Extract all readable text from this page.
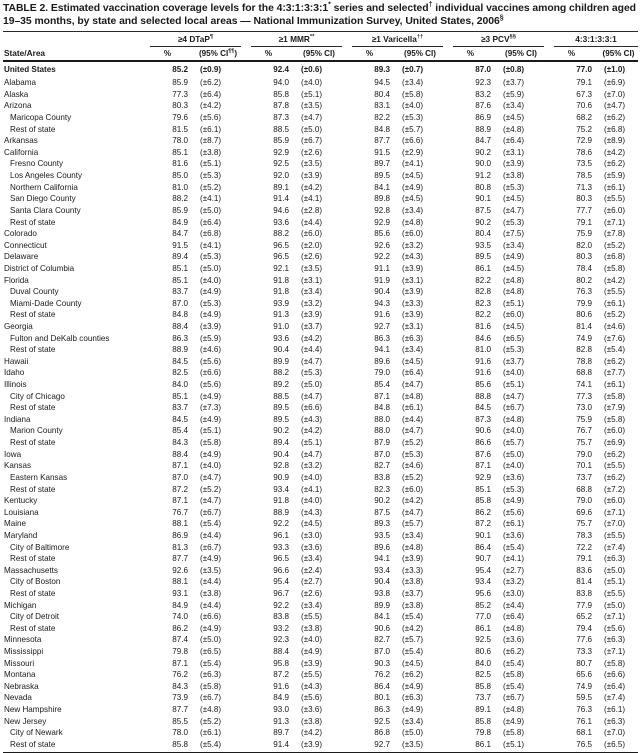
TABLE 2. Estimated vaccination coverage levels for the 4:3:1:3:3:1* series and selected† individual vaccines among children aged 19–35 months, by state and selected local areas — National Immunization Survey, United States, 2006§
≥4 DTaP¶	≥1 MMR**	≥1 Varicella††	≥3 PCV§§	4:3:1:3:3:1
State/Area	%	(95% CI¶¶)	%	(95% CI)	%	(95% CI)	%	(95% CI)	%	(95% CI)
United States	85.2	(±0.9)	92.4	(±0.6)	89.3	(±0.7)	87.0	(±0.8)	77.0	(±1.0)
Alabama	85.9	(±6.2)	94.0	(±4.0)	94.5	(±3.4)	92.3	(±3.7)	79.1	(±6.9)
Alaska	77.3	(±6.4)	85.8	(±5.1)	80.4	(±5.8)	83.2	(±5.9)	67.3	(±7.0)
Arizona	80.3	(±4.2)	87.8	(±3.5)	83.1	(±4.0)	87.6	(±3.4)	70.6	(±4.7)
Maricopa County	79.6	(±5.6)	87.3	(±4.7)	82.2	(±5.3)	86.9	(±4.5)	68.2	(±6.2)
Rest of state	81.5	(±6.1)	88.5	(±5.0)	84.8	(±5.7)	88.9	(±4.8)	75.2	(±6.8)
Arkansas	78.0	(±8.7)	85.9	(±6.7)	87.7	(±6.6)	84.7	(±6.4)	72.9	(±8.9)
California	85.1	(±3.8)	92.9	(±2.6)	91.5	(±2.9)	90.2	(±3.1)	78.6	(±4.2)
Fresno County	81.6	(±5.1)	92.5	(±3.5)	89.7	(±4.1)	90.0	(±3.9)	73.5	(±6.2)
Los Angeles County	85.0	(±5.3)	92.0	(±3.9)	89.5	(±4.5)	91.2	(±3.8)	78.5	(±5.9)
Northern California	81.0	(±5.2)	89.1	(±4.2)	84.1	(±4.9)	80.8	(±5.3)	71.3	(±6.1)
San Diego County	88.2	(±4.1)	91.4	(±4.1)	89.8	(±4.5)	90.1	(±4.5)	80.3	(±5.5)
Santa Clara County	85.9	(±5.0)	94.6	(±2.8)	92.8	(±3.4)	87.5	(±4.7)	77.7	(±6.0)
Rest of state	84.9	(±6.4)	93.6	(±4.4)	92.9	(±4.8)	90.2	(±5.3)	79.1	(±7.1)
Colorado	84.7	(±6.8)	88.2	(±6.0)	85.6	(±6.0)	80.4	(±7.5)	75.9	(±7.8)
Connecticut	91.5	(±4.1)	96.5	(±2.0)	92.6	(±3.2)	93.5	(±3.4)	82.0	(±5.2)
Delaware	89.4	(±5.3)	96.5	(±2.6)	92.2	(±4.3)	89.5	(±4.9)	80.3	(±6.8)
District of Columbia	85.1	(±5.0)	92.1	(±3.5)	91.1	(±3.9)	86.1	(±4.5)	78.4	(±5.8)
Florida	85.1	(±4.0)	91.8	(±3.1)	91.9	(±3.1)	82.2	(±4.8)	80.2	(±4.2)
Duval County	83.7	(±4.9)	91.8	(±3.4)	90.4	(±3.9)	82.8	(±4.8)	76.3	(±5.5)
Miami-Dade County	87.0	(±5.3)	93.9	(±3.2)	94.3	(±3.3)	82.3	(±5.1)	79.9	(±6.1)
Rest of state	84.8	(±4.9)	91.3	(±3.9)	91.6	(±3.9)	82.2	(±6.0)	80.6	(±5.2)
Georgia	88.4	(±3.9)	91.0	(±3.7)	92.7	(±3.1)	81.6	(±4.5)	81.4	(±4.6)
Fulton and DeKalb counties	86.3	(±5.9)	93.6	(±4.2)	86.3	(±6.3)	84.6	(±6.5)	74.9	(±7.6)
Rest of state	88.9	(±4.6)	90.4	(±4.4)	94.1	(±3.4)	81.0	(±5.3)	82.8	(±5.4)
Hawaii	84.5	(±5.6)	89.9	(±4.7)	89.6	(±4.5)	91.6	(±3.7)	78.8	(±6.2)
Idaho	82.5	(±6.6)	88.2	(±5.3)	79.0	(±6.4)	91.6	(±4.0)	68.8	(±7.7)
Illinois	84.0	(±5.6)	89.2	(±5.0)	85.4	(±4.7)	85.6	(±5.1)	74.1	(±6.1)
City of Chicago	85.1	(±4.9)	88.5	(±4.7)	87.1	(±4.8)	88.8	(±4.7)	77.3	(±5.8)
Rest of state	83.7	(±7.3)	89.5	(±6.6)	84.8	(±6.1)	84.5	(±6.7)	73.0	(±7.9)
Indiana	84.5	(±4.9)	89.5	(±4.3)	88.0	(±4.4)	87.3	(±4.8)	75.9	(±5.8)
Marion County	85.4	(±5.1)	90.2	(±4.2)	88.0	(±4.7)	90.6	(±4.0)	76.7	(±6.0)
Rest of state	84.3	(±5.8)	89.4	(±5.1)	87.9	(±5.2)	86.6	(±5.7)	75.7	(±6.9)
Iowa	88.4	(±4.9)	90.4	(±4.7)	87.0	(±5.3)	87.6	(±5.0)	79.0	(±6.2)
Kansas	87.1	(±4.0)	92.8	(±3.2)	82.7	(±4.6)	87.1	(±4.0)	70.1	(±5.5)
Eastern Kansas	87.0	(±4.7)	90.9	(±4.0)	83.8	(±5.2)	92.9	(±3.6)	73.7	(±6.2)
Rest of state	87.2	(±5.2)	93.4	(±4.1)	82.3	(±6.0)	85.1	(±5.3)	68.8	(±7.2)
Kentucky	87.1	(±4.7)	91.8	(±4.0)	90.2	(±4.2)	85.8	(±4.9)	79.0	(±6.0)
Louisiana	76.7	(±6.7)	88.9	(±4.3)	87.5	(±4.7)	86.2	(±5.6)	69.6	(±7.1)
Maine	88.1	(±5.4)	92.2	(±4.5)	89.3	(±5.7)	87.2	(±6.1)	75.7	(±7.0)
Maryland	86.9	(±4.4)	96.1	(±3.0)	93.5	(±3.4)	90.1	(±3.6)	78.3	(±5.5)
City of Baltimore	81.3	(±6.7)	93.3	(±3.6)	89.6	(±4.8)	86.4	(±5.4)	72.2	(±7.4)
Rest of state	87.7	(±4.9)	96.5	(±3.4)	94.1	(±3.9)	90.7	(±4.1)	79.1	(±6.3)
Massachusetts	92.6	(±3.5)	96.6	(±2.4)	93.4	(±3.3)	95.4	(±2.7)	83.6	(±5.0)
City of Boston	88.1	(±4.4)	95.4	(±2.7)	90.4	(±3.8)	93.4	(±3.2)	81.4	(±5.1)
Rest of state	93.1	(±3.8)	96.7	(±2.6)	93.8	(±3.7)	95.6	(±3.0)	83.8	(±5.5)
Michigan	84.9	(±4.4)	92.2	(±3.4)	89.9	(±3.8)	85.2	(±4.4)	77.9	(±5.0)
City of Detroit	74.0	(±6.6)	83.8	(±5.5)	84.1	(±5.4)	77.0	(±6.4)	65.2	(±7.1)
Rest of state	86.2	(±4.9)	93.2	(±3.8)	90.6	(±4.2)	86.1	(±4.8)	79.4	(±5.6)
Minnesota	87.4	(±5.0)	92.3	(±4.0)	82.7	(±5.7)	92.5	(±3.6)	77.6	(±6.3)
Mississippi	79.8	(±6.5)	88.4	(±4.9)	87.0	(±5.4)	80.6	(±6.2)	73.3	(±7.1)
Missouri	87.1	(±5.4)	95.8	(±3.9)	90.3	(±4.5)	84.0	(±5.4)	80.7	(±5.8)
Montana	76.2	(±6.3)	87.2	(±5.5)	76.2	(±6.2)	82.5	(±5.8)	65.6	(±6.6)
Nebraska	84.3	(±5.8)	91.6	(±4.3)	86.4	(±4.9)	85.8	(±5.4)	74.9	(±6.4)
Nevada	73.9	(±6.7)	84.9	(±5.6)	80.1	(±6.3)	73.7	(±6.7)	59.5	(±7.4)
New Hampshire	87.7	(±4.8)	93.0	(±3.6)	86.3	(±4.9)	89.1	(±4.8)	76.3	(±6.1)
New Jersey	85.5	(±5.2)	91.3	(±3.8)	92.5	(±3.4)	85.8	(±4.9)	76.1	(±6.3)
City of Newark	78.0	(±6.1)	89.7	(±4.2)	86.8	(±5.0)	79.8	(±5.8)	68.1	(±7.0)
Rest of state	85.8	(±5.4)	91.4	(±3.9)	92.7	(±3.5)	86.1	(±5.1)	76.5	(±6.5)
